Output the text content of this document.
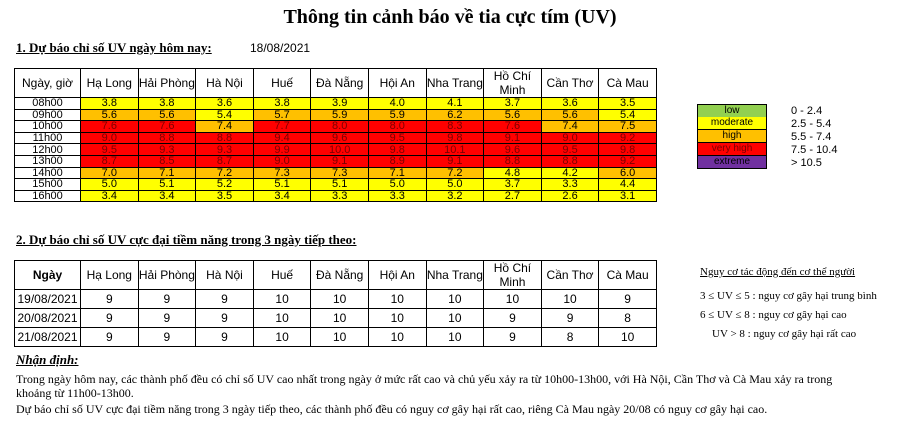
Thông tin cảnh báo về tia cực tím (UV)
1. Dự báo chỉ số UV ngày hôm nay:	18/08/2021
Ngày, giờ	Hạ Long	Hải Phòng	Hà Nội	Huế	Đà Nẵng	Hội An	Nha Trang	Hồ Chí Minh	Cần Thơ	Cà Mau
08h00	3.8	3.8	3.6	3.8	3.9	4.0	4.1	3.7	3.6	3.5
09h00	5.6	5.6	5.4	5.7	5.9	5.9	6.2	5.6	5.6	5.4
10h00	7.6	7.6	7.4	7.7	8.0	8.0	8.3	7.6	7.4	7.5
11h00	9.0	8.8	8.8	9.4	9.6	9.5	9.8	9.1	9.0	9.2
12h00	9.5	9.3	9.3	9.9	10.0	9.8	10.1	9.6	9.5	9.8
13h00	8.7	8.5	8.7	9.0	9.1	8.9	9.1	8.8	8.8	9.2
14h00	7.0	7.1	7.2	7.3	7.3	7.1	7.2	4.8	4.2	6.0
15h00	5.0	5.1	5.2	5.1	5.1	5.0	5.0	3.7	3.3	4.4
16h00	3.4	3.4	3.5	3.4	3.3	3.3	3.2	2.7	2.6	3.1
low	0 - 2.4
moderate	2.5 - 5.4
high	5.5 - 7.4
very high	7.5 - 10.4
extreme	> 10.5
2. Dự báo chỉ số UV cực đại tiềm năng trong 3 ngày tiếp theo:
Ngày	Hạ Long	Hải Phòng	Hà Nội	Huế	Đà Nẵng	Hội An	Nha Trang	Hồ Chí Minh	Cần Thơ	Cà Mau
19/08/2021	9	9	9	10	10	10	10	10	10	9
20/08/2021	9	9	9	10	10	10	10	9	9	8
21/08/2021	9	9	9	10	10	10	10	9	8	10
Nguy cơ tác động đến cơ thể người
3 ≤ UV ≤ 5 : nguy cơ gây hại trung bình
6 ≤ UV ≤ 8 : nguy cơ gây hại cao
UV > 8 : nguy cơ gây hại rất cao
Nhận định:
Trong ngày hôm nay, các thành phố đều có chỉ số UV cao nhất trong ngày ở mức rất cao và chủ yếu xảy ra từ 10h00-13h00, với Hà Nội, Cần Thơ và Cà Mau xảy ra trong
khoảng từ 11h00-13h00.
Dự báo chỉ số UV cực đại tiềm năng trong 3 ngày tiếp theo, các thành phố đều có nguy cơ gây hại rất cao, riêng Cà Mau ngày 20/08 có nguy cơ gây hại cao.
